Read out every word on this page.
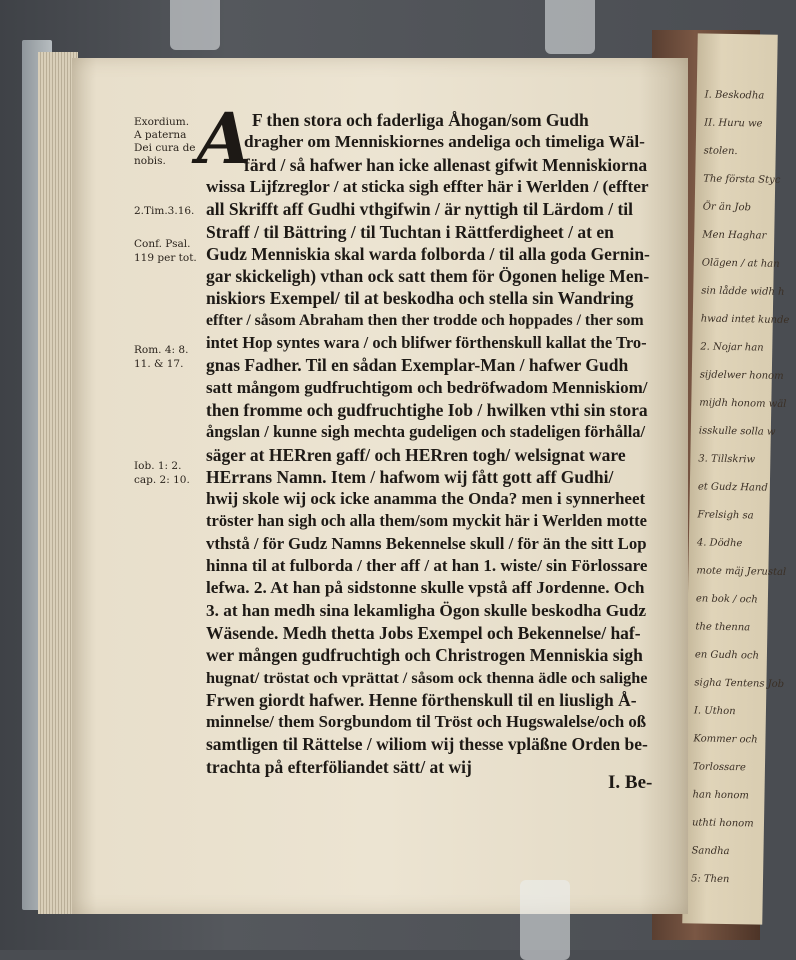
I. Beskodha
II. Huru we
stolen.
The första Styc
Ör än Job
Men Haghar
Olägen / at han
sin lådde widh h
hwad intet kunde
2. Nojar han
sijdelwer honom
mijdh honom wäl
isskulle solla w
3. Tillskriw
et Gudz Hand
Frelsigh sa
4. Dödhe
mote mäj Jerustal
en bok / och
the thenna
en Gudh och
sigha Tentens Job
I. Uthon
Kommer och
Torlossare
han honom
uthti honom
Sandha
5: Then
Exordium.
A paterna
Dei cura de
nobis.
2.Tim.3.16.
Conf. Psal.
119 per tot.
Rom. 4: 8.
11. & 17.
Iob. 1: 2.
cap. 2: 10.
A F then stora och faderliga Åhogan/som Gudh
dragher om Menniskiornes andeliga och timeliga Wäl-
färd / så hafwer han icke allenast gifwit Menniskiorna
wissa Lijfzreglor / at sticka sigh effter här i Werlden / (effter
all Skrifft aff Gudhi vthgifwin / är nyttigh til Lärdom / til
Straff / til Bättring / til Tuchtan i Rättferdigheet / at en
Gudz Menniskia skal warda folborda / til alla goda Gernin-
gar skickeligh) vthan ock satt them för Ögonen helige Men-
niskiors Exempel/ til at beskodha och stella sin Wandring
effter / såsom Abraham then ther trodde och hoppades / ther som
intet Hop syntes wara / och blifwer förthenskull kallat the Tro-
gnas Fadher. Til en sådan Exemplar-Man / hafwer Gudh
satt mångom gudfruchtigom och bedröfwadom Menniskiom/
then fromme och gudfruchtighe Iob / hwilken vthi sin stora
ångslan / kunne sigh mechta gudeligen och stadeligen förhålla/
säger at HERren gaff/ och HERren togh/ welsignat ware
HErrans Namn. Item / hafwom wij fått gott aff Gudhi/
hwij skole wij ock icke anamma the Onda? men i synnerheet
tröster han sigh och alla them/som myckit här i Werlden motte
vthstå / för Gudz Namns Bekennelse skull / för än the sitt Lop
hinna til at fulborda / ther aff / at han 1. wiste/ sin Förlossare
lefwa. 2. At han på sidstonne skulle vpstå aff Jordenne. Och
3. at han medh sina lekamligha Ögon skulle beskodha Gudz
Wäsende. Medh thetta Jobs Exempel och Bekennelse/ haf-
wer mången gudfruchtigh och Christrogen Menniskia sigh
hugnat/ tröstat och vprättat / såsom ock thenna ädle och salighe
Frwen giordt hafwer. Henne förthenskull til en liusligh Å-
minnelse/ them Sorgbundom til Tröst och Hugswalelse/och oß
samtligen til Rättelse / wiliom wij thesse vpläßne Orden be-
trachta på efterföliandet sätt/ at wij
I. Be-
